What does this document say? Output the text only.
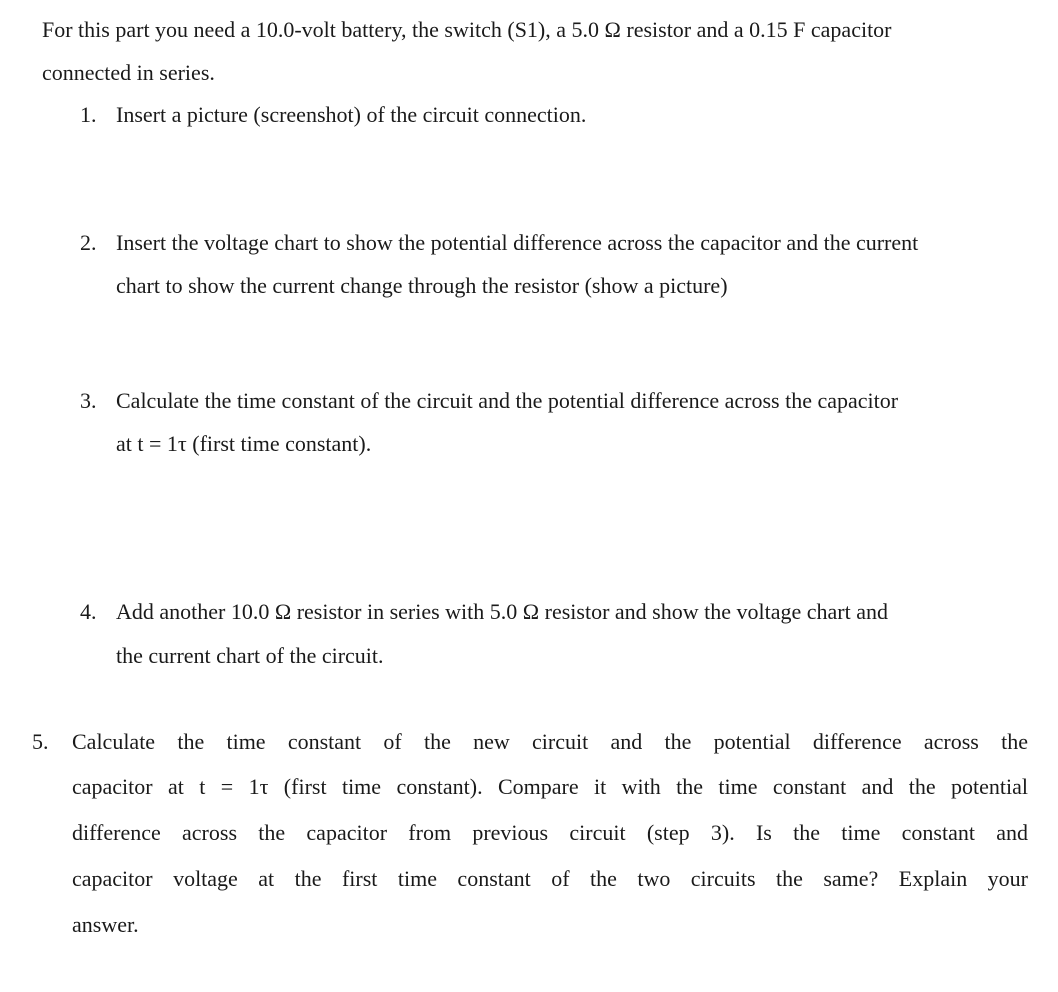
For this part you need a 10.0-volt battery, the switch (S1), a 5.0 Ω resistor and a 0.15 F capacitor
connected in series.
1. Insert a picture (screenshot) of the circuit connection.
2. Insert the voltage chart to show the potential difference across the capacitor and the current
chart to show the current change through the resistor (show a picture)
3. Calculate the time constant of the circuit and the potential difference across the capacitor
at t = 1τ (first time constant).
4. Add another 10.0 Ω resistor in series with 5.0 Ω resistor and show the voltage chart and
the current chart of the circuit.
5. Calculate the time constant of the new circuit and the potential difference across the
capacitor at t = 1τ (first time constant). Compare it with the time constant and the potential
difference across the capacitor from previous circuit (step 3). Is the time constant and
capacitor voltage at the first time constant of the two circuits the same? Explain your
answer.
